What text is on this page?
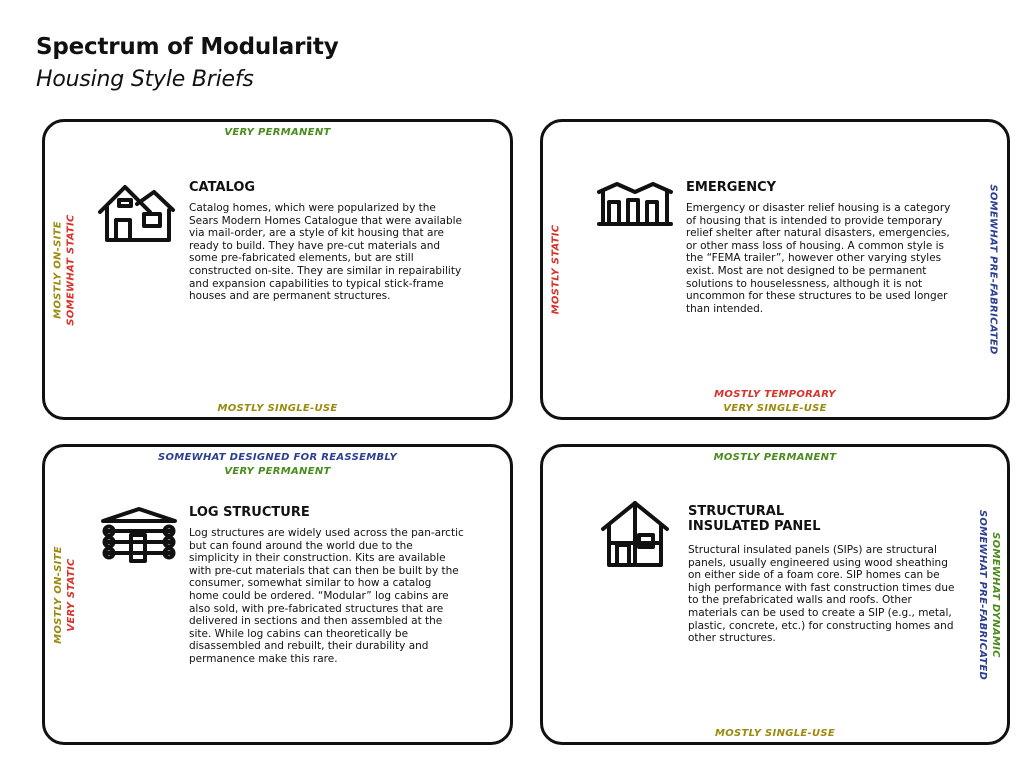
Spectrum of Modularity
Housing Style Briefs
VERY PERMANENT
MOSTLY SINGLE-USE
MOSTLY ON-SITE SOMEWHAT STATIC
CATALOG
Catalog homes, which were popularized by the Sears Modern Homes Catalogue that were available via mail-order, are a style of kit housing that are ready to build. They have pre-cut materials and some pre-fabricated elements, but are still constructed on-site. They are similar in repairability and expansion capabilities to typical stick-frame houses and are permanent structures.
MOSTLY TEMPORARY
VERY SINGLE-USE
MOSTLY STATIC	SOMEWHAT PRE-FABRICATED
EMERGENCY
Emergency or disaster relief housing is a category of housing that is intended to provide temporary relief shelter after natural disasters, emergencies, or other mass loss of housing. A common style is the “FEMA trailer”, however other varying styles exist. Most are not designed to be permanent solutions to houselessness, although it is not uncommon for these structures to be used longer than intended.
SOMEWHAT DESIGNED FOR REASSEMBLY
VERY PERMANENT
MOSTLY ON-SITE VERY STATIC
LOG STRUCTURE
Log structures are widely used across the pan-arctic but can found around the world due to the simplicity in their construction. Kits are available with pre-cut materials that can then be built by the consumer, somewhat similar to how a catalog home could be ordered. “Modular” log cabins are also sold, with pre-fabricated structures that are delivered in sections and then assembled at the site. While log cabins can theoretically be disassembled and rebuilt, their durability and permanence make this rare.
MOSTLY PERMANENT
MOSTLY SINGLE-USE
SOMEWHAT DYNAMIC
SOMEWHAT PRE-FABRICATED
STRUCTURAL
INSULATED PANEL
Structural insulated panels (SIPs) are structural panels, usually engineered using wood sheathing on either side of a foam core. SIP homes can be high performance with fast construction times due to the prefabricated walls and roofs. Other materials can be used to create a SIP (e.g., metal, plastic, concrete, etc.) for constructing homes and other structures.
